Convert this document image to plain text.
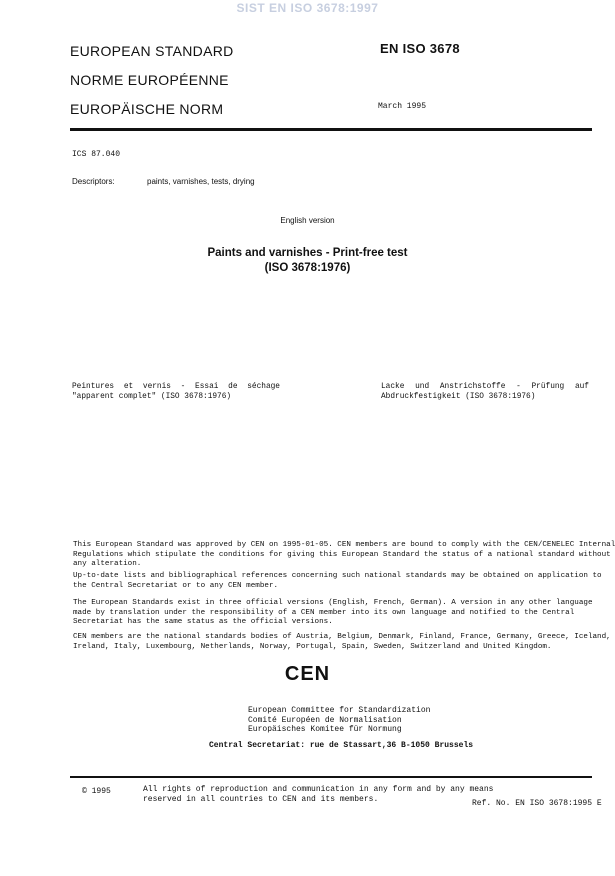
SIST EN ISO 3678:1997
EUROPEAN STANDARD
NORME EUROPÉENNE
EUROPÄISCHE NORM
EN ISO 3678
March 1995
ICS 87.040
Descriptors:	paints, varnishes, tests, drying
English version
Paints and varnishes - Print-free test
(ISO 3678:1976)
Peintures et vernis - Essai de séchage
"apparent complet" (ISO 3678:1976)
Lacke und Anstrichstoffe - Prüfung auf
Abdruckfestigkeit (ISO 3678:1976)
This European Standard was approved by CEN on 1995-01-05. CEN members are bound to comply with the CEN/CENELEC Internal
Regulations which stipulate the conditions for giving this European Standard the status of a national standard without
any alteration.
Up-to-date lists and bibliographical references concerning such national standards may be obtained on application to
the Central Secretariat or to any CEN member.
The European Standards exist in three official versions (English, French, German). A version in any other language
made by translation under the responsibility of a CEN member into its own language and notified to the Central
Secretariat has the same status as the official versions.
CEN members are the national standards bodies of Austria, Belgium, Denmark, Finland, France, Germany, Greece, Iceland,
Ireland, Italy, Luxembourg, Netherlands, Norway, Portugal, Spain, Sweden, Switzerland and United Kingdom.
CEN
European Committee for Standardization
Comité Européen de Normalisation
Europäisches Komitee für Normung
Central Secretariat: rue de Stassart,36 B-1050 Brussels
© 1995	All rights of reproduction and communication in any form and by any means
reserved in all countries to CEN and its members.	Ref. No. EN ISO 3678:1995 E
